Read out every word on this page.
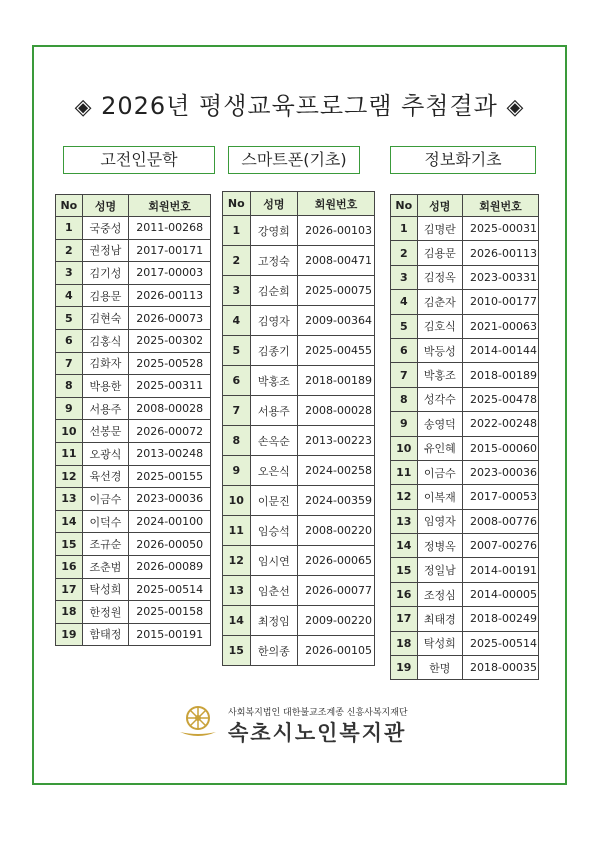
◈ 2026년 평생교육프로그램 추첨결과 ◈
고전인문학	스마트폰(기초)	정보화기초
No	성명	회원번호
1	국중성	2011-00268
2	권정남	2017-00171
3	김기성	2017-00003
4	김용문	2026-00113
5	김현숙	2026-00073
6	김홍식	2025-00302
7	김화자	2025-00528
8	박용한	2025-00311
9	서용주	2008-00028
10	선봉문	2026-00072
11	오광식	2013-00248
12	육선경	2025-00155
13	이금수	2023-00036
14	이덕수	2024-00100
15	조규순	2026-00050
16	조춘범	2026-00089
17	탁성희	2025-00514
18	한정원	2025-00158
19	함태정	2015-00191
No	성명	회원번호
1	강영희	2026-00103
2	고정숙	2008-00471
3	김순희	2025-00075
4	김영자	2009-00364
5	김종기	2025-00455
6	박홍조	2018-00189
7	서용주	2008-00028
8	손옥순	2013-00223
9	오은식	2024-00258
10	이문진	2024-00359
11	임승석	2008-00220
12	임시연	2026-00065
13	임춘선	2026-00077
14	최정임	2009-00220
15	한의종	2026-00105
No	성명	회원번호
1	김명란	2025-00031
2	김용문	2026-00113
3	김정옥	2023-00331
4	김춘자	2010-00177
5	김호식	2021-00063
6	박등성	2014-00144
7	박홍조	2018-00189
8	성각수	2025-00478
9	송영덕	2022-00248
10	유인혜	2015-00060
11	이금수	2023-00036
12	이복재	2017-00053
13	임영자	2008-00776
14	정병옥	2007-00276
15	정일남	2014-00191
16	조정심	2014-00005
17	최태경	2018-00249
18	탁성희	2025-00514
19	한명	2018-00035
사회복지법인 대한불교조계종 신흥사복지재단
속초시노인복지관
